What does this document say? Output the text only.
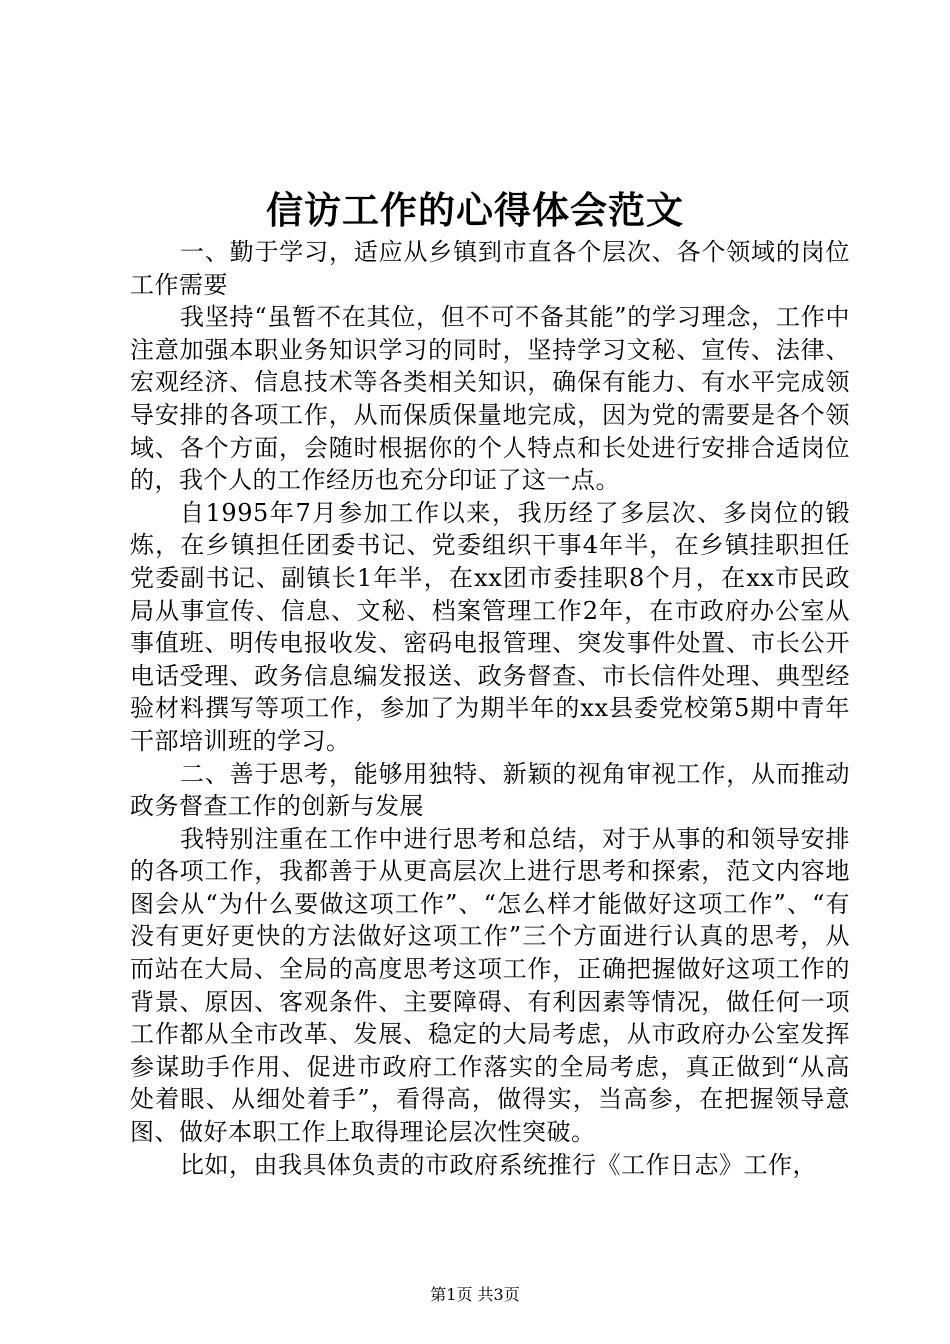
信访工作的心得体会范文

一、勤于学习，适应从乡镇到市直各个层次、各个领域的岗位工作需要

我坚持“虽暂不在其位，但不可不备其能”的学习理念，工作中注意加强本职业务知识学习的同时，坚持学习文秘、宣传、法律、宏观经济、信息技术等各类相关知识，确保有能力、有水平完成领导安排的各项工作，从而保质保量地完成，因为党的需要是各个领域、各个方面，会随时根据你的个人特点和长处进行安排合适岗位的，我个人的工作经历也充分印证了这一点。

自1995年7月参加工作以来，我历经了多层次、多岗位的锻炼，在乡镇担任团委书记、党委组织干事4年半，在乡镇挂职担任党委副书记、副镇长1年半，在xx团市委挂职8个月，在xx市民政局从事宣传、信息、文秘、档案管理工作2年，在市政府办公室从事值班、明传电报收发、密码电报管理、突发事件处置、市长公开电话受理、政务信息编发报送、政务督查、市长信件处理、典型经验材料撰写等项工作，参加了为期半年的xx县委党校第5期中青年干部培训班的学习。

二、善于思考，能够用独特、新颖的视角审视工作，从而推动政务督查工作的创新与发展

我特别注重在工作中进行思考和总结，对于从事的和领导安排的各项工作，我都善于从更高层次上进行思考和探索，范文内容地图会从“为什么要做这项工作”、“怎么样才能做好这项工作”、“有没有更好更快的方法做好这项工作”三个方面进行认真的思考，从而站在大局、全局的高度思考这项工作，正确把握做好这项工作的背景、原因、客观条件、主要障碍、有利因素等情况，做任何一项工作都从全市改革、发展、稳定的大局考虑，从市政府办公室发挥参谋助手作用、促进市政府工作落实的全局考虑，真正做到“从高处着眼、从细处着手”，看得高，做得实，当高参，在把握领导意图、做好本职工作上取得理论层次性突破。

比如，由我具体负责的市政府系统推行《工作日志》工作，

第1页 共3页
